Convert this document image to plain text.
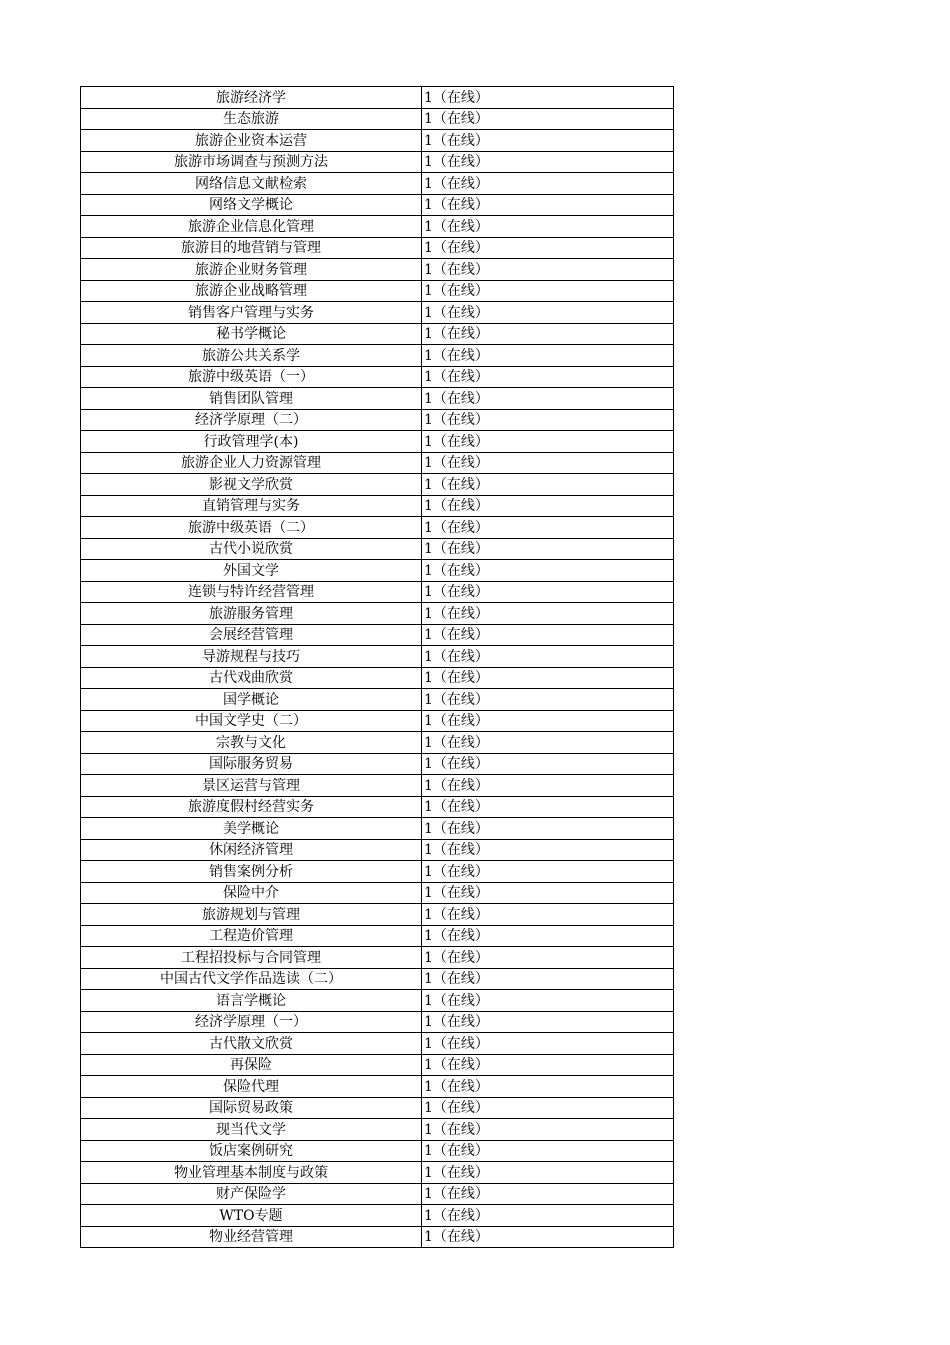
旅游经济学	1（在线）
生态旅游	1（在线）
旅游企业资本运营	1（在线）
旅游市场调查与预测方法	1（在线）
网络信息文献检索	1（在线）
网络文学概论	1（在线）
旅游企业信息化管理	1（在线）
旅游目的地营销与管理	1（在线）
旅游企业财务管理	1（在线）
旅游企业战略管理	1（在线）
销售客户管理与实务	1（在线）
秘书学概论	1（在线）
旅游公共关系学	1（在线）
旅游中级英语（一）	1（在线）
销售团队管理	1（在线）
经济学原理（二）	1（在线）
行政管理学(本)	1（在线）
旅游企业人力资源管理	1（在线）
影视文学欣赏	1（在线）
直销管理与实务	1（在线）
旅游中级英语（二）	1（在线）
古代小说欣赏	1（在线）
外国文学	1（在线）
连锁与特许经营管理	1（在线）
旅游服务管理	1（在线）
会展经营管理	1（在线）
导游规程与技巧	1（在线）
古代戏曲欣赏	1（在线）
国学概论	1（在线）
中国文学史（二）	1（在线）
宗教与文化	1（在线）
国际服务贸易	1（在线）
景区运营与管理	1（在线）
旅游度假村经营实务	1（在线）
美学概论	1（在线）
休闲经济管理	1（在线）
销售案例分析	1（在线）
保险中介	1（在线）
旅游规划与管理	1（在线）
工程造价管理	1（在线）
工程招投标与合同管理	1（在线）
中国古代文学作品选读（二）	1（在线）
语言学概论	1（在线）
经济学原理（一）	1（在线）
古代散文欣赏	1（在线）
再保险	1（在线）
保险代理	1（在线）
国际贸易政策	1（在线）
现当代文学	1（在线）
饭店案例研究	1（在线）
物业管理基本制度与政策	1（在线）
财产保险学	1（在线）
WTO专题	1（在线）
物业经营管理	1（在线）
